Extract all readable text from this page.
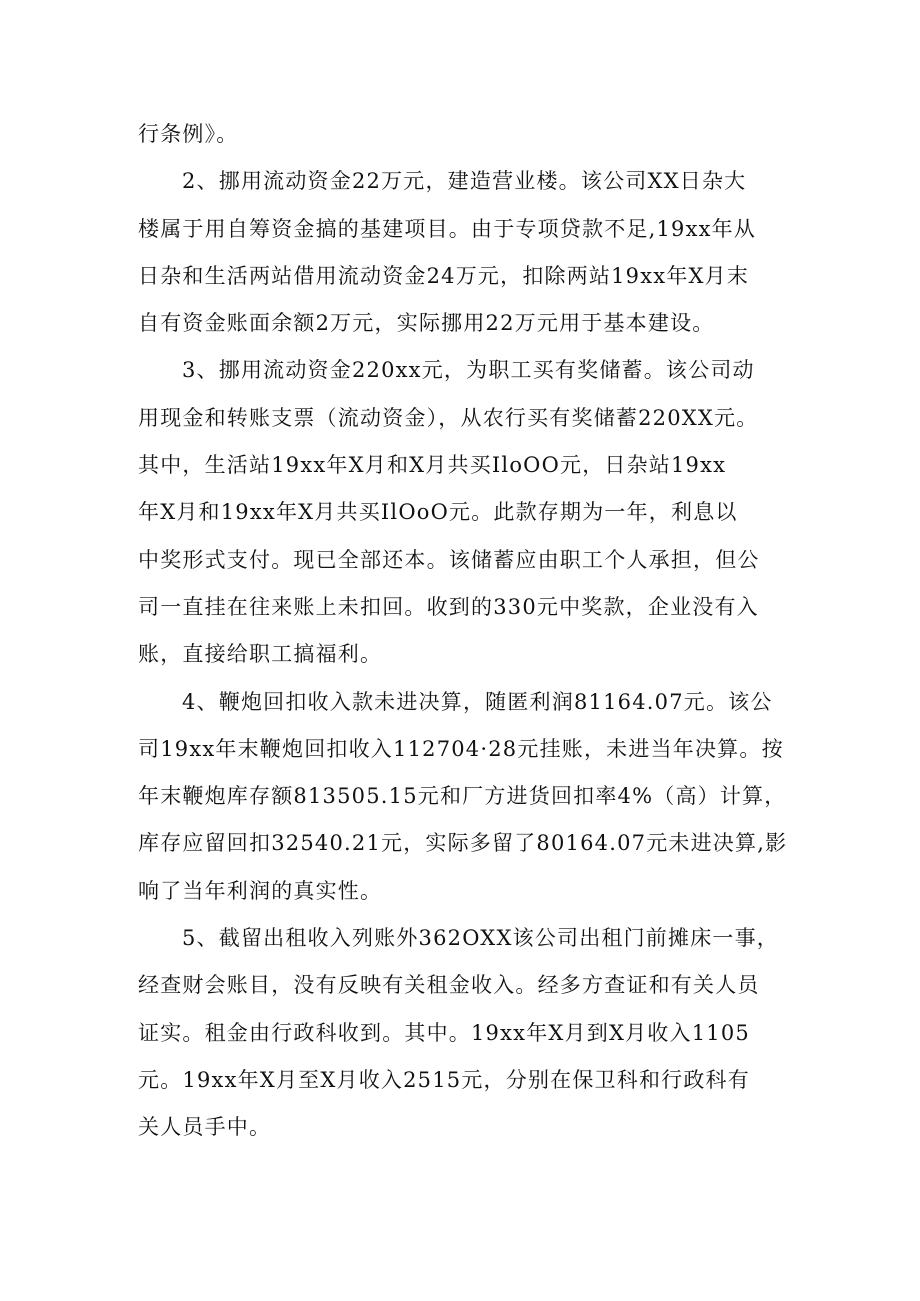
行条例》。
2、挪用流动资金22万元，建造营业楼。该公司XX日杂大
楼属于用自筹资金搞的基建项目。由于专项贷款不足,19xx年从
日杂和生活两站借用流动资金24万元，扣除两站19xx年X月末
自有资金账面余额2万元，实际挪用22万元用于基本建设。
3、挪用流动资金220xx元，为职工买有奖储蓄。该公司动
用现金和转账支票（流动资金），从农行买有奖储蓄220XX元。
其中，生活站19xx年X月和X月共买IloOO元，日杂站19xx
年X月和19xx年X月共买IlOoO元。此款存期为一年，利息以
中奖形式支付。现已全部还本。该储蓄应由职工个人承担，但公
司一直挂在往来账上未扣回。收到的330元中奖款，企业没有入
账，直接给职工搞福利。
4、鞭炮回扣收入款未进决算，随匿利润81164.07元。该公
司19xx年末鞭炮回扣收入112704·28元挂账，未进当年决算。按
年末鞭炮库存额813505.15元和厂方进货回扣率4%（高）计算，
库存应留回扣32540.21元，实际多留了80164.07元未进决算,影
响了当年利润的真实性。
5、截留出租收入列账外362OXX该公司出租门前摊床一事，
经查财会账目，没有反映有关租金收入。经多方查证和有关人员
证实。租金由行政科收到。其中。19xx年X月到X月收入1105
元。19xx年X月至X月收入2515元，分别在保卫科和行政科有
关人员手中。
